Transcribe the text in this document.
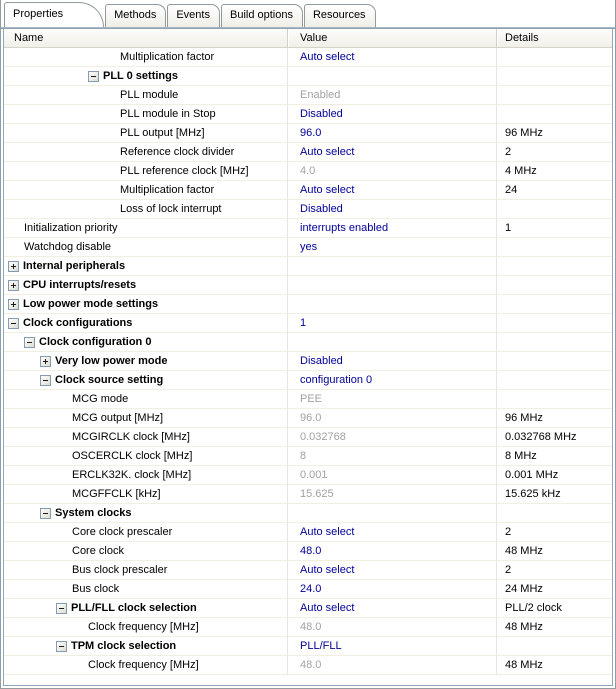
Properties	Methods	Events	Build options	Resources
Name	Value	Details
Multiplication factor	Auto select
PLL 0 settings
PLL module	Enabled
PLL module in Stop	Disabled
PLL output [MHz]	96.0	96 MHz
Reference clock divider	Auto select	2
PLL reference clock [MHz]	4.0	4 MHz
Multiplication factor	Auto select	24
Loss of lock interrupt	Disabled
Initialization priority	interrupts enabled	1
Watchdog disable	yes
Internal peripherals
CPU interrupts/resets
Low power mode settings
Clock configurations	1
Clock configuration 0
Very low power mode	Disabled
Clock source setting	configuration 0
MCG mode	PEE
MCG output [MHz]	96.0	96 MHz
MCGIRCLK clock [MHz]	0.032768	0.032768 MHz
OSCERCLK clock [MHz]	8	8 MHz
ERCLK32K. clock [MHz]	0.001	0.001 MHz
MCGFFCLK [kHz]	15.625	15.625 kHz
System clocks
Core clock prescaler	Auto select	2
Core clock	48.0	48 MHz
Bus clock prescaler	Auto select	2
Bus clock	24.0	24 MHz
PLL/FLL clock selection	Auto select	PLL/2 clock
Clock frequency [MHz]	48.0	48 MHz
TPM clock selection	PLL/FLL
Clock frequency [MHz]	48.0	48 MHz
